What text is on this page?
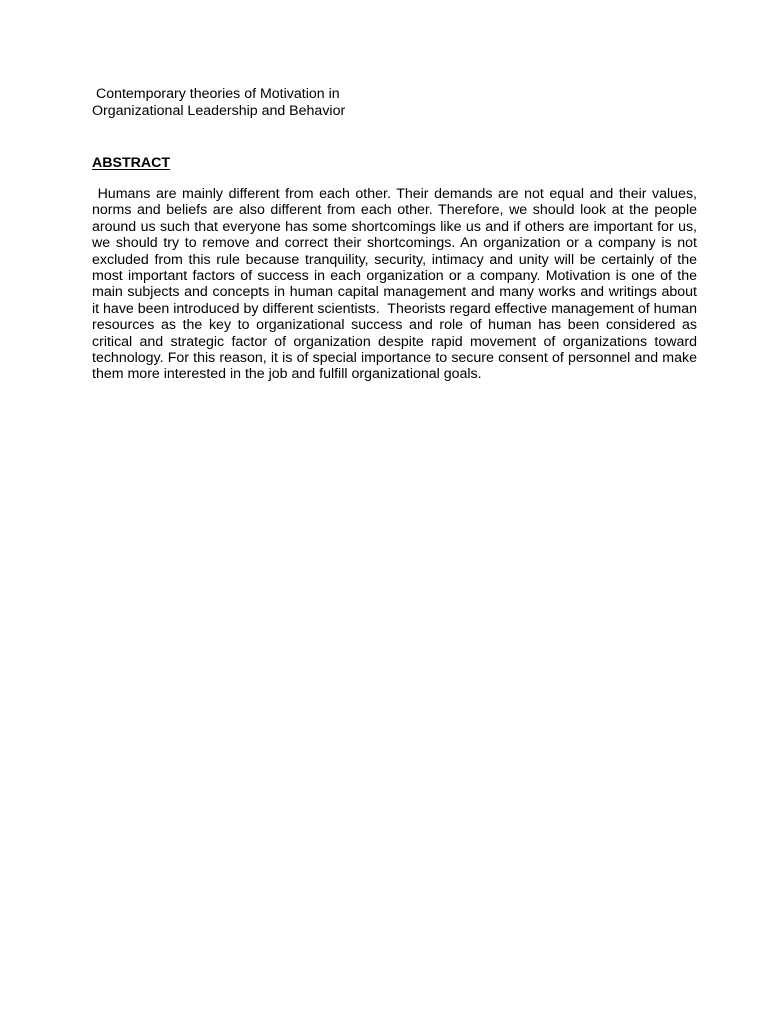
Contemporary theories of Motivation in
Organizational Leadership and Behavior
ABSTRACT
Humans are mainly different from each other. Their demands are not equal and their values, norms and beliefs are also different from each other. Therefore, we should look at the people around us such that everyone has some shortcomings like us and if others are important for us, we should try to remove and correct their shortcomings. An organization or a company is not excluded from this rule because tranquility, security, intimacy and unity will be certainly of the most important factors of success in each organization or a company. Motivation is one of the main subjects and concepts in human capital management and many works and writings about it have been introduced by different scientists.  Theorists regard effective management of human resources as the key to organizational success and role of human has been considered as critical and strategic factor of organization despite rapid movement of organizations toward technology. For this reason, it is of special importance to secure consent of personnel and make them more interested in the job and fulfill organizational goals.
